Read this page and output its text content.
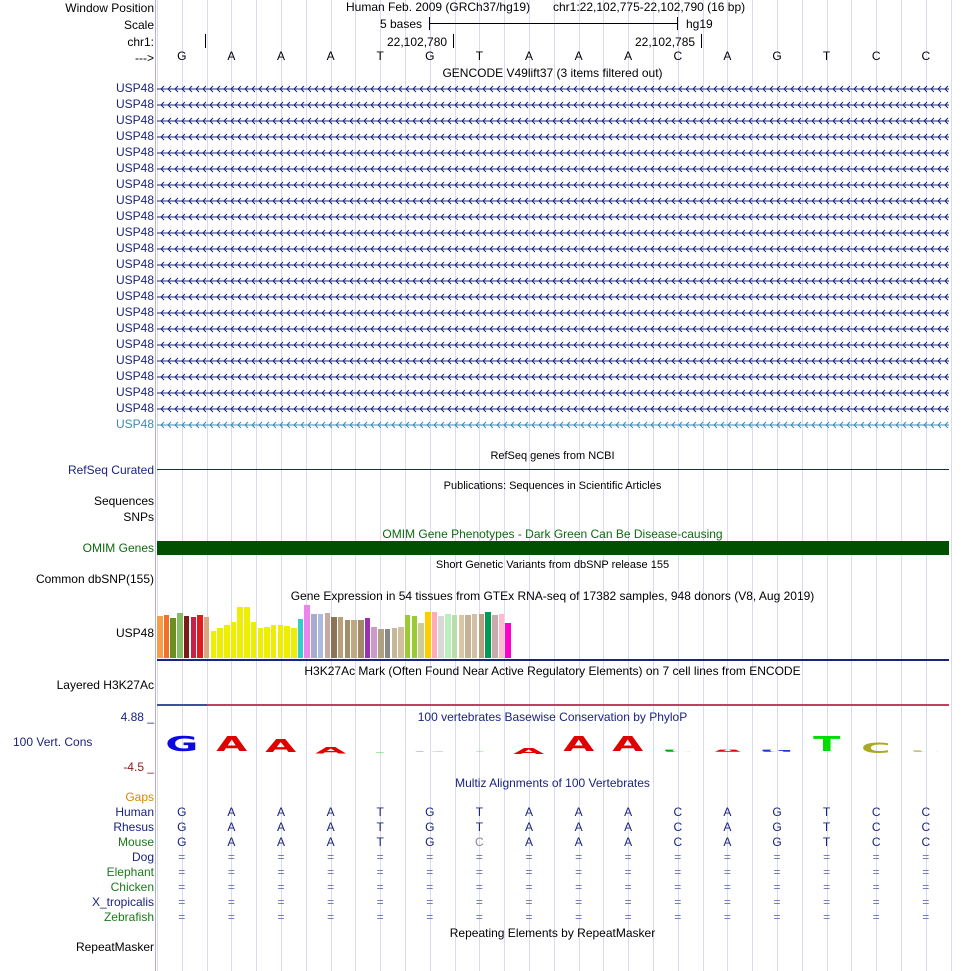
Window Position
Scale
chr1:
--->
Human Feb. 2009 (GRCh37/hg19) chr1:22,102,775-22,102,790 (16 bp)
5 bases	hg19
22,102,780	22,102,785
GENCODE V49lift37 (3 items filtered out)
RefSeq Curated
RefSeq genes from NCBI
Publications: Sequences in Scientific Articles
Sequences
SNPs
OMIM Gene Phenotypes - Dark Green Can Be Disease-causing
OMIM Genes
Short Genetic Variants from dbSNP release 155
Common dbSNP(155)
Gene Expression in 54 tissues from GTEx RNA-seq of 17382 samples, 948 donors (V8, Aug 2019)
USP48
H3K27Ac Mark (Often Found Near Active Regulatory Elements) on 7 cell lines from ENCODE
Layered H3K27Ac
4.88 _
100 Vert. Cons
-4.5 _
100 vertebrates Basewise Conservation by PhyloP
G A A A	A A A	T	C
Multiz Alignments of 100 Vertebrates
Gaps
Repeating Elements by RepeatMasker
RepeatMasker
G	A	A	A	T	G	T	A	A	A	C	A	G	T	C	C
USP48
USP48
USP48
USP48
USP48
USP48
USP48
USP48
USP48
USP48
USP48
USP48
USP48
USP48
USP48
USP48
USP48
USP48
USP48
USP48
USP48
USP48
Human G	A	A	A	T	G	T	A	A	A	C	A	G	T	C	C
Rhesus G	A	A	A	T	G	T	A	A	A	C	A	G	T	C	C
Mouse G	A	A	A	T	G	C	A	A	A	C	A	G	T	C	C
Dog	=	=	=	=	=	=	=	=	=	=	=	=	=	=	=	=
Elephant	=	=	=	=	=	=	=	=	=	=	=	=	=	=	=	=
Chicken	=	=	=	=	=	=	=	=	=	=	=	=	=	=	=	=
X_tropicalis	=	=	=	=	=	=	=	=	=	=	=	=	=	=	=	=
Zebrafish	=	=	=	=	=	=	=	=	=	=	=	=	=	=	=	=
